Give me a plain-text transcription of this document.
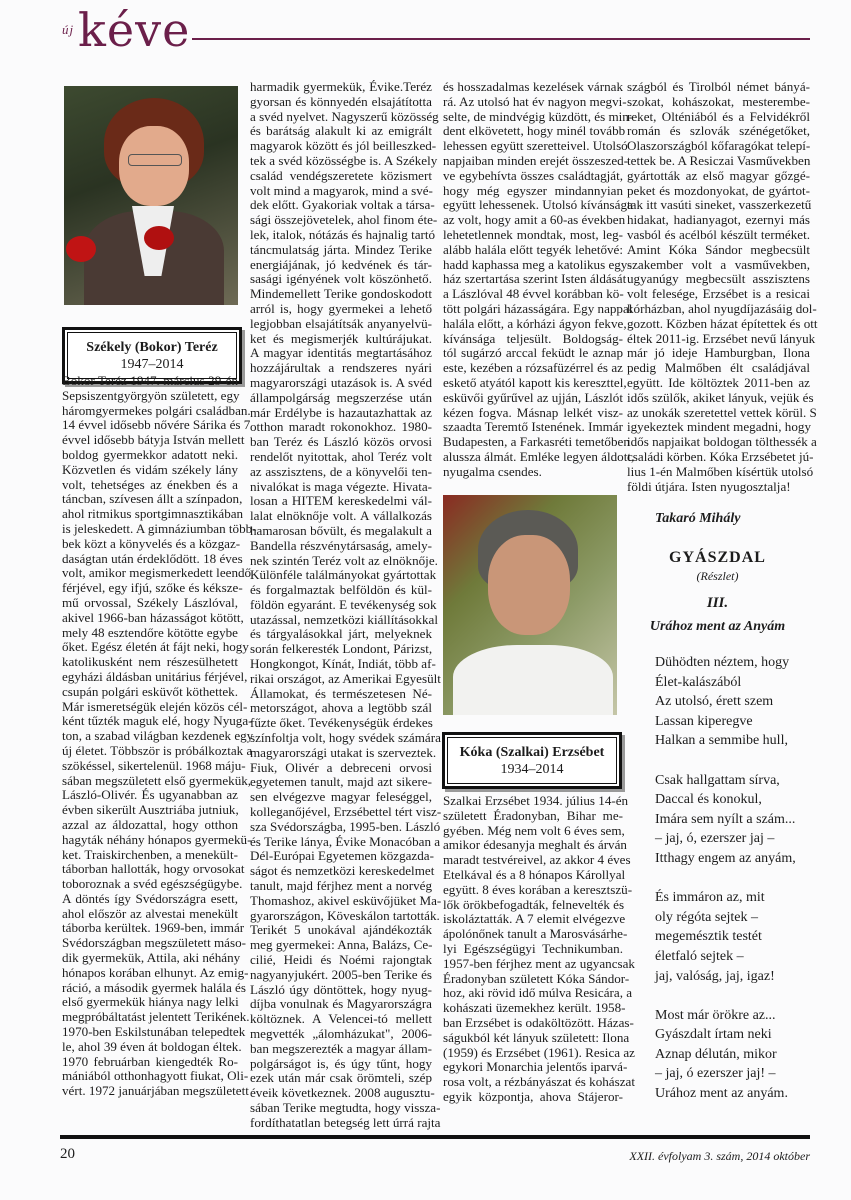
új kéve
Székely (Bokor) Teréz
1947–2014
Bokor Teréz 1947. március 29-én
Sepsiszentgyörgyön született, egy
háromgyermekes polgári családban.
14 évvel idősebb nővére Sárika és 7
évvel idősebb bátyja István mellett
boldog gyermekkor adatott neki.
Közvetlen és vidám székely lány
volt, tehetséges az énekben és a
táncban, szívesen állt a színpadon,
ahol ritmikus sportgimnasztikában
is jeleskedett. A gimnáziumban több-
bek közt a könyvelés és a közgaz-
daságtan után érdeklődött. 18 éves
volt, amikor megismerkedett leendő
férjével, egy ifjú, szőke és kéksze-
mű orvossal, Székely Lászlóval,
akivel 1966-ban házasságot kötött,
mely 48 esztendőre kötötte egybe
őket. Egész életén át fájt neki, hogy
katolikusként nem részesülhetett
egyházi áldásban unitárius férjével,
csupán polgári esküvőt köthettek.
Már ismeretségük elején közös cél-
ként tűzték maguk elé, hogy Nyuga-
ton, a szabad világban kezdenek egy
új életet. Többször is próbálkoztak a
szökéssel, sikertelenül. 1968 máju-
sában megszületett első gyermekük,
László-Olivér. És ugyanabban az
évben sikerült Ausztriába jutniuk,
azzal az áldozattal, hogy otthon
hagyták néhány hónapos gyermekü-
ket. Traiskirchenben, a menekült-
táborban hallották, hogy orvosokat
toboroznak a svéd egészségügybe.
A döntés így Svédországra esett,
ahol először az alvestai menekült
táborba kerültek. 1969-ben, immár
Svédországban megszületett máso-
dik gyermekük, Attila, aki néhány
hónapos korában elhunyt. Az emig-
ráció, a második gyermek halála és
első gyermekük hiánya nagy lelki
megpróbáltatást jelentett Terikének.
1970-ben Eskilstunában telepedtek
le, ahol 39 éven át boldogan éltek.
1970 februárban kiengedték Ro-
mániából otthonhagyott fiukat, Oli-
vért. 1972 januárjában megszületett
harmadik gyermekük, Évike.Teréz
gyorsan és könnyedén elsajátította
a svéd nyelvet. Nagyszerű közösség
és barátság alakult ki az emigrált
magyarok között és jól beilleszked-
tek a svéd közösségbe is. A Székely
család vendégszeretete közismert
volt mind a magyarok, mind a své-
dek előtt. Gyakoriak voltak a társa-
sági összejövetelek, ahol finom éte-
lek, italok, nótázás és hajnalig tartó
táncmulatság járta. Mindez Terike
energiájának, jó kedvének és tár-
sasági igényének volt köszönhető.
Mindemellett Terike gondoskodott
arról is, hogy gyermekei a lehető
legjobban elsajátítsák anyanyelvü-
ket és megismerjék kultúrájukat.
A magyar identitás megtartásához
hozzájárultak a rendszeres nyári
magyarországi utazások is. A svéd
állampolgárság megszerzése után
már Erdélybe is hazautazhattak az
otthon maradt rokonokhoz. 1980-
ban Teréz és László közös orvosi
rendelőt nyitottak, ahol Teréz volt
az asszisztens, de a könyvelői ten-
nivalókat is maga végezte. Hivata-
losan a HITEM kereskedelmi vál-
lalat elnöknője volt. A vállalkozás
hamarosan bővült, és megalakult a
Bandella részvénytársaság, amely-
nek szintén Teréz volt az elnöknője.
Különféle találmányokat gyártottak
és forgalmaztak belföldön és kül-
földön egyaránt. E tevékenység sok
utazással, nemzetközi kiállításokkal
és tárgyalásokkal járt, melyeknek
során felkeresték Londont, Párizst,
Hongkongot, Kínát, Indiát, több af-
rikai országot, az Amerikai Egyesült
Államokat, és természetesen Né-
metországot, ahova a legtöbb szál
fűzte őket. Tevékenységük érdekes
színfoltja volt, hogy svédek számára
magyarországi utakat is szerveztek.
Fiuk, Olivér a debreceni orvosi
egyetemen tanult, majd azt sikere-
sen elvégezve magyar feleséggel,
kolleganőjével, Erzsébettel tért visz-
sza Svédországba, 1995-ben. László
és Terike lánya, Évike Monacóban a
Dél-Európai Egyetemen közgazda-
ságot és nemzetközi kereskedelmet
tanult, majd férjhez ment a norvég
Thomashoz, akivel esküvőjüket Ma-
gyarországon, Köveskálon tartották.
Terikét 5 unokával ajándékozták
meg gyermekei: Anna, Balázs, Ce-
cilié, Heidi és Noémi rajongtak
nagyanyjukért. 2005-ben Terike és
László úgy döntöttek, hogy nyug-
díjba vonulnak és Magyarországra
költöznek. A Velencei-tó mellett
megvették „álomházukat", 2006-
ban megszerezték a magyar állam-
polgárságot is, és úgy tűnt, hogy
ezek után már csak örömteli, szép
éveik következnek. 2008 augusztu-
sában Terike megtudta, hogy vissza-
fordíthatatlan betegség lett úrrá rajta
és hosszadalmas kezelések várnak
rá. Az utolsó hat év nagyon megvi-
selte, de mindvégig küzdött, és min-
dent elkövetett, hogy minél tovább
lehessen együtt szeretteivel. Utolsó
napjaiban minden erejét összeszed-
ve egybehívta összes családtagját,
hogy még egyszer mindannyian
együtt lehessenek. Utolsó kívánsága
az volt, hogy amit a 60-as években
lehetetlennek mondtak, most, leg-
alább halála előtt tegyék lehetővé:
hadd kaphassa meg a katolikus egy-
ház szertartása szerint Isten áldását
a Lászlóval 48 évvel korábban kö-
tött polgári házasságára. Egy nappal
halála előtt, a kórházi ágyon fekve,
kívánsága teljesült. Boldogság-
tól sugárzó arccal feküdt le aznap
este, kezében a rózsafüzérrel és az
eskető atyától kapott kis kereszttel,
esküvői gyűrűvel az ujján, Lászlót
kézen fogva. Másnap lelkét visz-
szaadta Teremtő Istenének. Immár
Budapesten, a Farkasréti temetőben
alussza álmát. Emléke legyen áldott,
nyugalma csendes.
Kóka (Szalkai) Erzsébet
1934–2014
Szalkai Erzsébet 1934. július 14-én
született Éradonyban, Bihar me-
gyében. Még nem volt 6 éves sem,
amikor édesanyja meghalt és árván
maradt testvéreivel, az akkor 4 éves
Etelkával és a 8 hónapos Károllyal
együtt. 8 éves korában a keresztszü-
lők örökbefogadták, felnevelték és
iskoláztatták. A 7 elemit elvégezve
ápolónőnek tanult a Marosvásárhe-
lyi Egészségügyi Technikumban.
1957-ben férjhez ment az ugyancsak
Éradonyban született Kóka Sándor-
hoz, aki rövid idő múlva Resicára, a
kohászati üzemekhez került. 1958-
ban Erzsébet is odaköltözött. Házas-
ságukból két lányuk született: Ilona
(1959) és Erzsébet (1961). Resica az
egykori Monarchia jelentős iparvá-
rosa volt, a rézbányászat és kohászat
egyik központja, ahova Stájeror-
szágból és Tirolból német bányá-
szokat, kohászokat, mesterembe-
reket, Olténiából és a Felvidékről
román és szlovák szénégetőket,
Olaszországból kőfaragókat telepí-
tettek be. A Resiczai Vasművekben
gyártották az első magyar gőzgé-
peket és mozdonyokat, de gyártot-
tak itt vasúti sineket, vasszerkezetű
hidakat, hadianyagot, ezernyi más
vasból és acélból készült terméket.
Amint Kóka Sándor megbecsült
szakember volt a vasművekben,
ugyanúgy megbecsült asszisztens
volt felesége, Erzsébet is a resicai
kórházban, ahol nyugdíjazásáig dol-
gozott. Közben házat építettek és ott
éltek 2011-ig. Erzsébet nevű lányuk
már jó ideje Hamburgban, Ilona
pedig Malmőben élt családjával
együtt. Ide költöztek 2011-ben az
idős szülők, akiket lányuk, vejük és
az unokák szeretettel vettek körül. S
igyekeztek mindent megadni, hogy
idős napjaikat boldogan tölthessék a
családi körben. Kóka Erzsébetet jú-
lius 1-én Malmőben kísértük utolsó
földi útjára. Isten nyugosztalja!
Takaró Mihály
GYÁSZDAL
(Részlet)
III.
Urához ment az Anyám
Dühödten néztem, hogy
Élet-kalászából
Az utolsó, érett szem
Lassan kiperegve
Halkan a semmibe hull,
Csak hallgattam sírva,
Daccal és konokul,
Imára sem nyílt a szám...
– jaj, ó, ezerszer jaj –
Itthagy engem az anyám,
És immáron az, mit
oly régóta sejtek –
megemésztik testét
életfaló sejtek –
jaj, valóság, jaj, igaz!
Most már örökre az...
Gyászdalt írtam neki
Aznap délután, mikor
– jaj, ó ezerszer jaj! –
Urához ment az anyám.
20	XXII. évfolyam 3. szám, 2014 október
